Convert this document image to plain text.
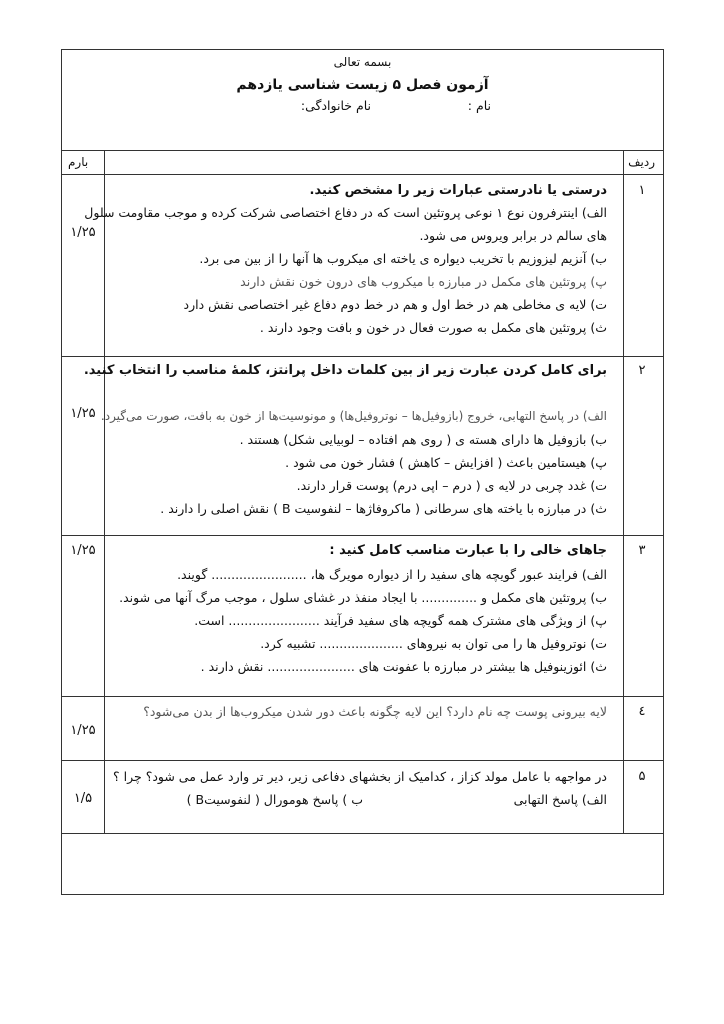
بسمه تعالی
آزمون فصل ۵ زیست شناسی یازدهم
نام :
نام خانوادگی:
ردیف
بارم
۱
۱/۲۵
درستی یا نادرستی عبارات زیر را مشخص کنید.
الف) اینترفرون نوع ۱ نوعی پروتئین است که در دفاع اختصاصی شرکت کرده و موجب مقاومت سلول
های سالم در برابر ویروس می شود.
ب) آنزیم لیزوزیم با تخریب دیواره ی یاخته ای میکروب ها آنها را از بین می برد.
پ) پروتئین های مکمل در مبارزه با میکروب های درون خون نقش دارند
ت) لایه ی مخاطی هم در خط اول و هم در خط دوم دفاع غیر اختصاصی نقش دارد
ث) پروتئین های مکمل به صورت فعال در خون و بافت وجود دارند .
۲
۱/۲۵
برای کامل کردن عبارت زیر از بین کلمات داخل پرانتز، کلمهٔ مناسب را انتخاب کنید.
الف) در پاسخ التهابی، خروج (بازوفیل‌ها – نوتروفیل‌ها) و مونوسیت‌ها از خون به بافت، صورت می‌گیرد.
ب) بازوفیل ها دارای هسته ی ( روی هم افتاده – لوبیایی شکل) هستند .
پ) هیستامین باعث ( افزایش – کاهش ) فشار خون می شود .
ت) غدد چربی در لایه ی ( درم – اپی درم) پوست قرار دارند.
ث) در مبارزه با یاخته های سرطانی ( ماکروفاژها – لنفوسیت B ) نقش اصلی را دارند .
۳
۱/۲۵	جاهای خالی را با عبارت مناسب کامل کنید :
الف) فرایند عبور گویچه های سفید را از دیواره مویرگ ها، ........................ گویند.
ب) پروتئین های مکمل و .............. با ایجاد منفذ در غشای سلول ، موجب مرگ آنها می شوند.
پ) از ویژگی های مشترک همه گویچه های سفید فرآیند ....................... است.
ت) نوتروفیل ها را می توان به نیروهای ..................... تشبیه کرد.
ث) ائوزینوفیل ها بیشتر در مبارزه با عفونت های ...................... نقش دارند .
٤
۱/۲۵
لایه بیرونی پوست چه نام دارد؟ این لایه چگونه باعث دور شدن میکروب‌ها از بدن می‌شود؟
۵
۱/۵
در مواجهه با عامل مولد کزاز ، کدامیک از بخشهای دفاعی زیر، دیر تر وارد عمل می شود؟ چرا ؟
الف) پاسخ التهابی
ب ) پاسخ هومورال ( لنفوسیتB )
